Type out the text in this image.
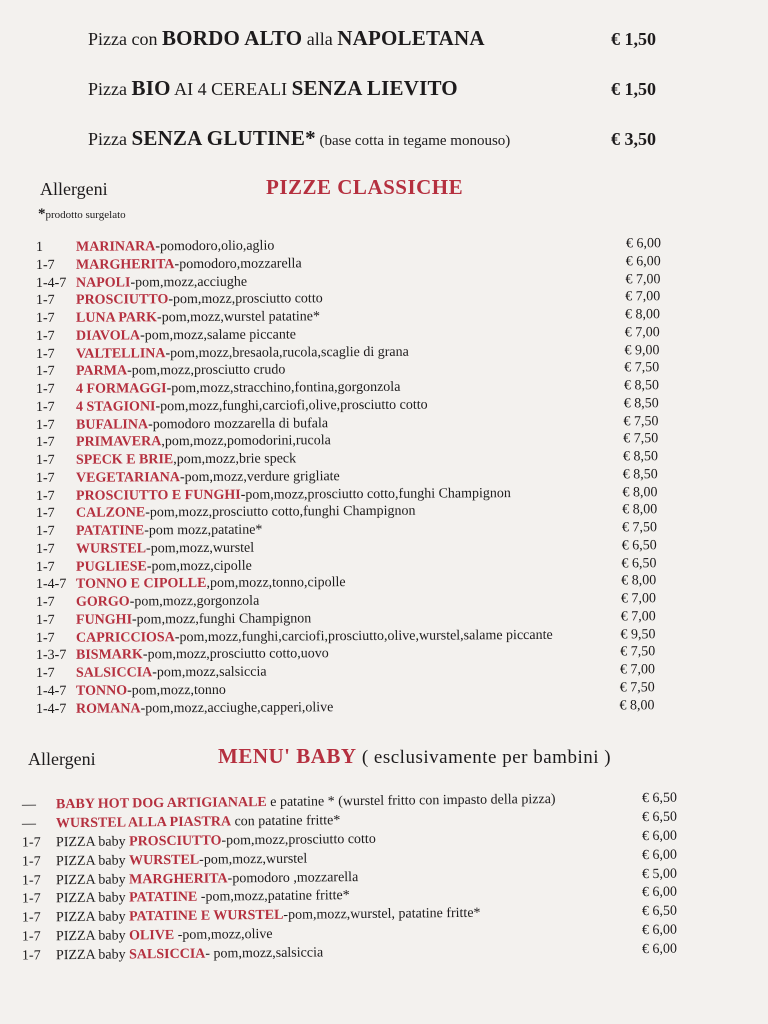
Pizza con BORDO ALTO alla NAPOLETANA	€ 1,50
Pizza BIO AI 4 CEREALI SENZA LIEVITO	€ 1,50
Pizza SENZA GLUTINE* (base cotta in tegame monouso)	€ 3,50
Allergeni	PIZZE CLASSICHE
*prodotto surgelato
1 MARINARA-pomodoro,olio,aglio	€ 6,00
1-7 MARGHERITA-pomodoro,mozzarella	€ 6,00
1-4-7 NAPOLI-pom,mozz,acciughe	€ 7,00
1-7 PROSCIUTTO-pom,mozz,prosciutto cotto	€ 7,00
1-7 LUNA PARK-pom,mozz,wurstel patatine*	€ 8,00
1-7 DIAVOLA-pom,mozz,salame piccante	€ 7,00
1-7 VALTELLINA-pom,mozz,bresaola,rucola,scaglie di grana	€ 9,00
1-7 PARMA-pom,mozz,prosciutto crudo	€ 7,50
1-7 4 FORMAGGI-pom,mozz,stracchino,fontina,gorgonzola	€ 8,50
1-7 4 STAGIONI-pom,mozz,funghi,carciofi,olive,prosciutto cotto	€ 8,50
1-7 BUFALINA-pomodoro mozzarella di bufala	€ 7,50
1-7 PRIMAVERA,pom,mozz,pomodorini,rucola	€ 7,50
1-7 SPECK E BRIE,pom,mozz,brie speck	€ 8,50
1-7 VEGETARIANA-pom,mozz,verdure grigliate	€ 8,50
1-7 PROSCIUTTO E FUNGHI-pom,mozz,prosciutto cotto,funghi Champignon	€ 8,00
1-7 CALZONE-pom,mozz,prosciutto cotto,funghi Champignon	€ 8,00
1-7 PATATINE-pom mozz,patatine*	€ 7,50
1-7 WURSTEL-pom,mozz,wurstel	€ 6,50
1-7 PUGLIESE-pom,mozz,cipolle	€ 6,50
1-4-7 TONNO E CIPOLLE,pom,mozz,tonno,cipolle	€ 8,00
1-7 GORGO-pom,mozz,gorgonzola	€ 7,00
1-7 FUNGHI-pom,mozz,funghi Champignon	€ 7,00
1-7 CAPRICCIOSA-pom,mozz,funghi,carciofi,prosciutto,olive,wurstel,salame piccante	€ 9,50
1-3-7 BISMARK-pom,mozz,prosciutto cotto,uovo	€ 7,50
1-7 SALSICCIA-pom,mozz,salsiccia	€ 7,00
1-4-7 TONNO-pom,mozz,tonno	€ 7,50
1-4-7 ROMANA-pom,mozz,acciughe,capperi,olive	€ 8,00
Allergeni	MENU' BABY ( esclusivamente per bambini )
— BABY HOT DOG ARTIGIANALE e patatine * (wurstel fritto con impasto della pizza)	€ 6,50
— WURSTEL ALLA PIASTRA con patatine fritte*	€ 6,50
1-7 PIZZA baby PROSCIUTTO-pom,mozz,prosciutto cotto	€ 6,00
1-7 PIZZA baby WURSTEL-pom,mozz,wurstel	€ 6,00
1-7 PIZZA baby MARGHERITA-pomodoro ,mozzarella	€ 5,00
1-7 PIZZA baby PATATINE -pom,mozz,patatine fritte*	€ 6,00
1-7 PIZZA baby PATATINE E WURSTEL-pom,mozz,wurstel, patatine fritte*	€ 6,50
1-7 PIZZA baby OLIVE -pom,mozz,olive	€ 6,00
1-7 PIZZA baby SALSICCIA- pom,mozz,salsiccia	€ 6,00
